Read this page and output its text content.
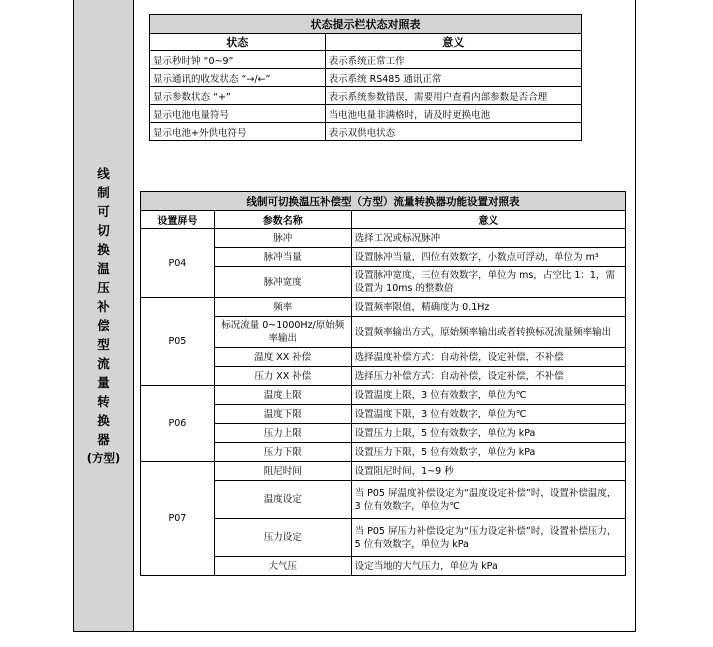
线
制
可
切
换
温
压
补
偿
型
流
量
转
换
器
(方型)
状态提示栏状态对照表	
状态	意义
显示秒时钟 “0~9”	表示系统正常工作
显示通讯的收发状态 “→/←”	表示系统 RS485 通讯正常
显示参数状态 “+”	表示系统参数错误，需要用户查看内部参数是否合理
显示电池电量符号	当电池电量非满格时，请及时更换电池
显示电池+外供电符号	表示双供电状态
线制可切换温压补偿型（方型）流量转换器功能设置对照表		
设置屏号	参数名称	意义
P04	脉冲	选择工况或标况脉冲
	脉冲当量	设置脉冲当量，四位有效数字，小数点可浮动，单位为 m³
	脉冲宽度	设置脉冲宽度，三位有效数字，单位为 ms，占空比 1：1，需设置为 10ms 的整数倍
P05	频率	设置频率限值，精确度为 0.1Hz
	标况流量 0~1000Hz/原始频率输出	设置频率输出方式，原始频率输出或者转换标况流量频率输出
	温度 XX 补偿	选择温度补偿方式：自动补偿，设定补偿，不补偿
	压力 XX 补偿	选择压力补偿方式：自动补偿，设定补偿，不补偿
P06	温度上限	设置温度上限，3 位有效数字，单位为℃
	温度下限	设置温度下限，3 位有效数字，单位为℃
	压力上限	设置压力上限，5 位有效数字，单位为 kPa
	压力下限	设置压力下限，5 位有效数字，单位为 kPa
P07	阻尼时间	设置阻尼时间，1~9 秒
	温度设定	当 P05 屏温度补偿设定为“温度设定补偿”时，设置补偿温度，3 位有效数字，单位为℃
	压力设定	当 P05 屏压力补偿设定为“压力设定补偿”时，设置补偿压力，5 位有效数字，单位为 kPa
	大气压	设定当地的大气压力，单位为 kPa
